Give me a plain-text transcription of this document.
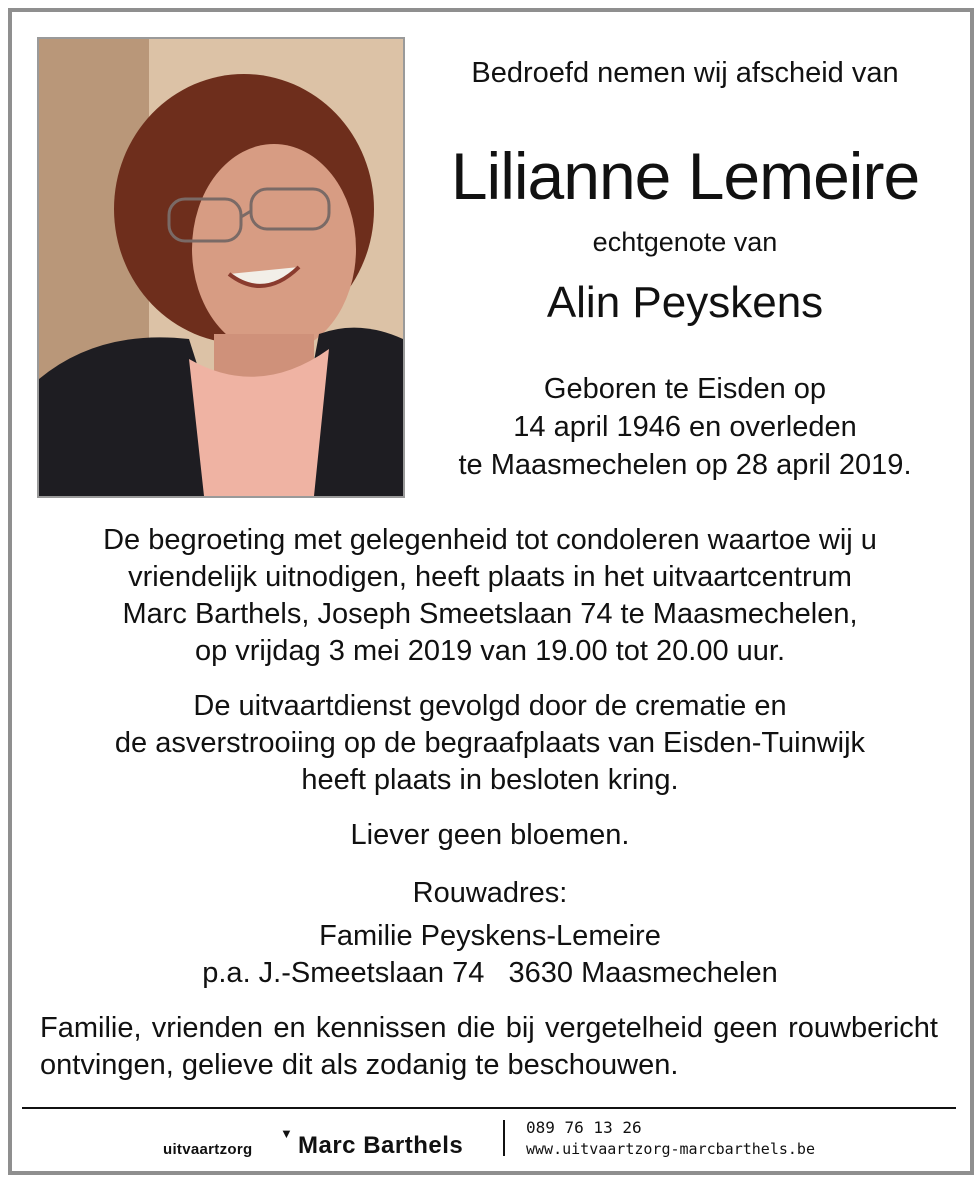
Bedroefd nemen wij afscheid van
Lilianne Lemeire
echtgenote van
Alin Peyskens
Geboren te Eisden op
14 april 1946 en overleden
te Maasmechelen op 28 april 2019.
De begroeting met gelegenheid tot condoleren waartoe wij u
vriendelijk uitnodigen, heeft plaats in het uitvaartcentrum
Marc Barthels, Joseph Smeetslaan 74 te Maasmechelen,
op vrijdag 3 mei 2019 van 19.00 tot 20.00 uur.
De uitvaartdienst gevolgd door de crematie en
de asverstrooiing op de begraafplaats van Eisden-Tuinwijk
heeft plaats in besloten kring.
Liever geen bloemen.
Rouwadres:
Familie Peyskens-Lemeire
p.a. J.-Smeetslaan 74   3630 Maasmechelen
Familie, vrienden en kennissen die bij vergetelheid geen rouwbericht ontvingen, gelieve dit als zodanig te beschouwen.
uitvaartzorg
▼ Marc Barthels
089 76 13 26
www.uitvaartzorg-marcbarthels.be
